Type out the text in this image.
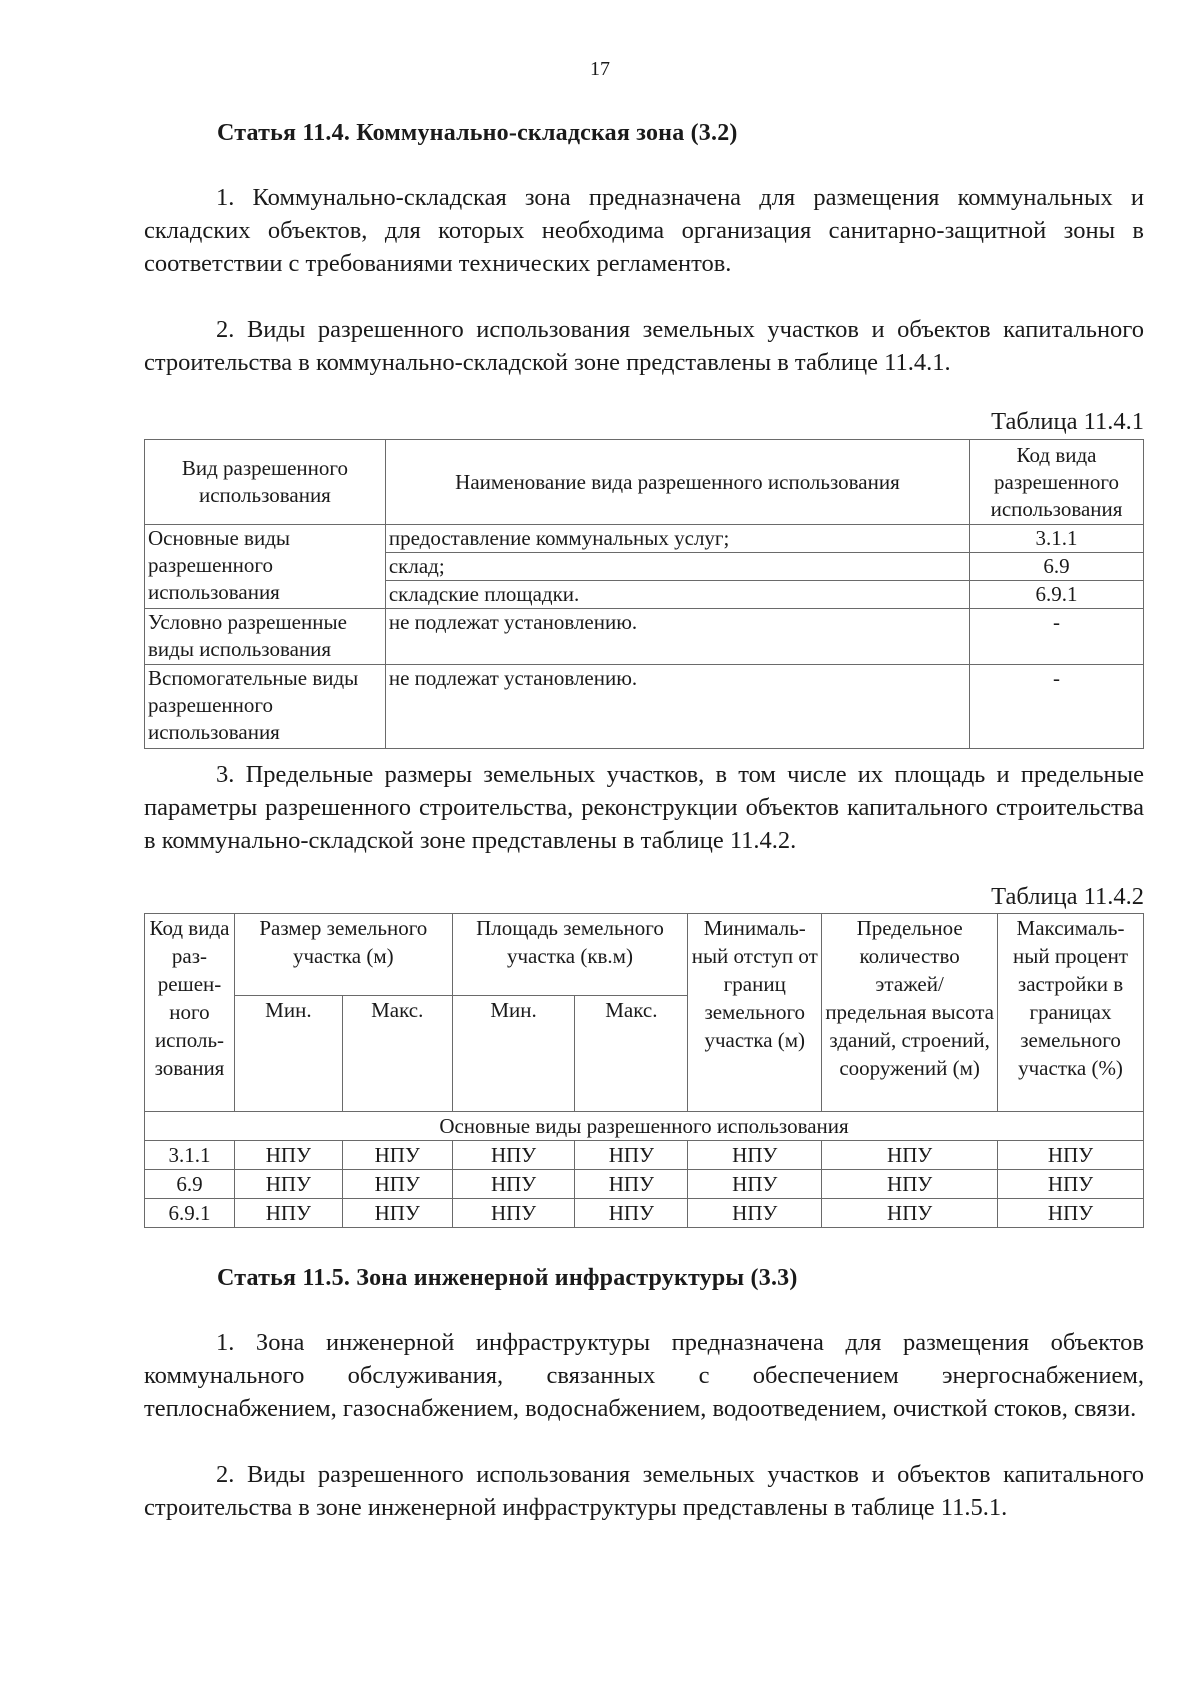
17
Статья 11.4. Коммунально-складская зона (3.2)

1. Коммунально-складская зона предназначена для размещения коммунальных и складских объектов, для которых необходима организация санитарно-защитной зоны в соответствии с требованиями технических регламентов.

2. Виды разрешенного использования земельных участков и объектов капитального строительства в коммунально-складской зоне представлены в таблице 11.4.1.

Таблица 11.4.1
Вид разрешенного использования	Наименование вида разрешенного использования	Код вида разрешенного использования
Основные виды разрешенного использования	предоставление коммунальных услуг;	3.1.1
	склад;	6.9
	складские площадки.	6.9.1
Условно разрешенные виды использования	не подлежат установлению.	-
Вспомогательные виды разрешенного использования	не подлежат установлению.	-

3. Предельные размеры земельных участков, в том числе их площадь и предельные параметры разрешенного строительства, реконструкции объектов капитального строительства в коммунально-складской зоне представлены в таблице 11.4.2.

Таблица 11.4.2
Код вида раз- решен- ного исполь- зования	Размер земельного участка (м)		Площадь земельного участка (кв.м)		Минималь- ный отступ от границ земельного участка (м)	Предельное количество этажей/ предельная высота зданий, строений, сооружений (м)	Максималь- ный процент застройки в границах земельного участка (%)
	Мин.	Макс.	Мин.	Макс.			
Основные виды разрешенного использования							
3.1.1	НПУ	НПУ	НПУ	НПУ	НПУ	НПУ	НПУ
6.9	НПУ	НПУ	НПУ	НПУ	НПУ	НПУ	НПУ
6.9.1	НПУ	НПУ	НПУ	НПУ	НПУ	НПУ	НПУ
Статья 11.5. Зона инженерной инфраструктуры (3.3)

1. Зона инженерной инфраструктуры предназначена для размещения объектов коммунального обслуживания, связанных с обеспечением энергоснабжением, теплоснабжением, газоснабжением, водоснабжением, водоотведением, очисткой стоков, связи.

2. Виды разрешенного использования земельных участков и объектов капитального строительства в зоне инженерной инфраструктуры представлены в таблице 11.5.1.
